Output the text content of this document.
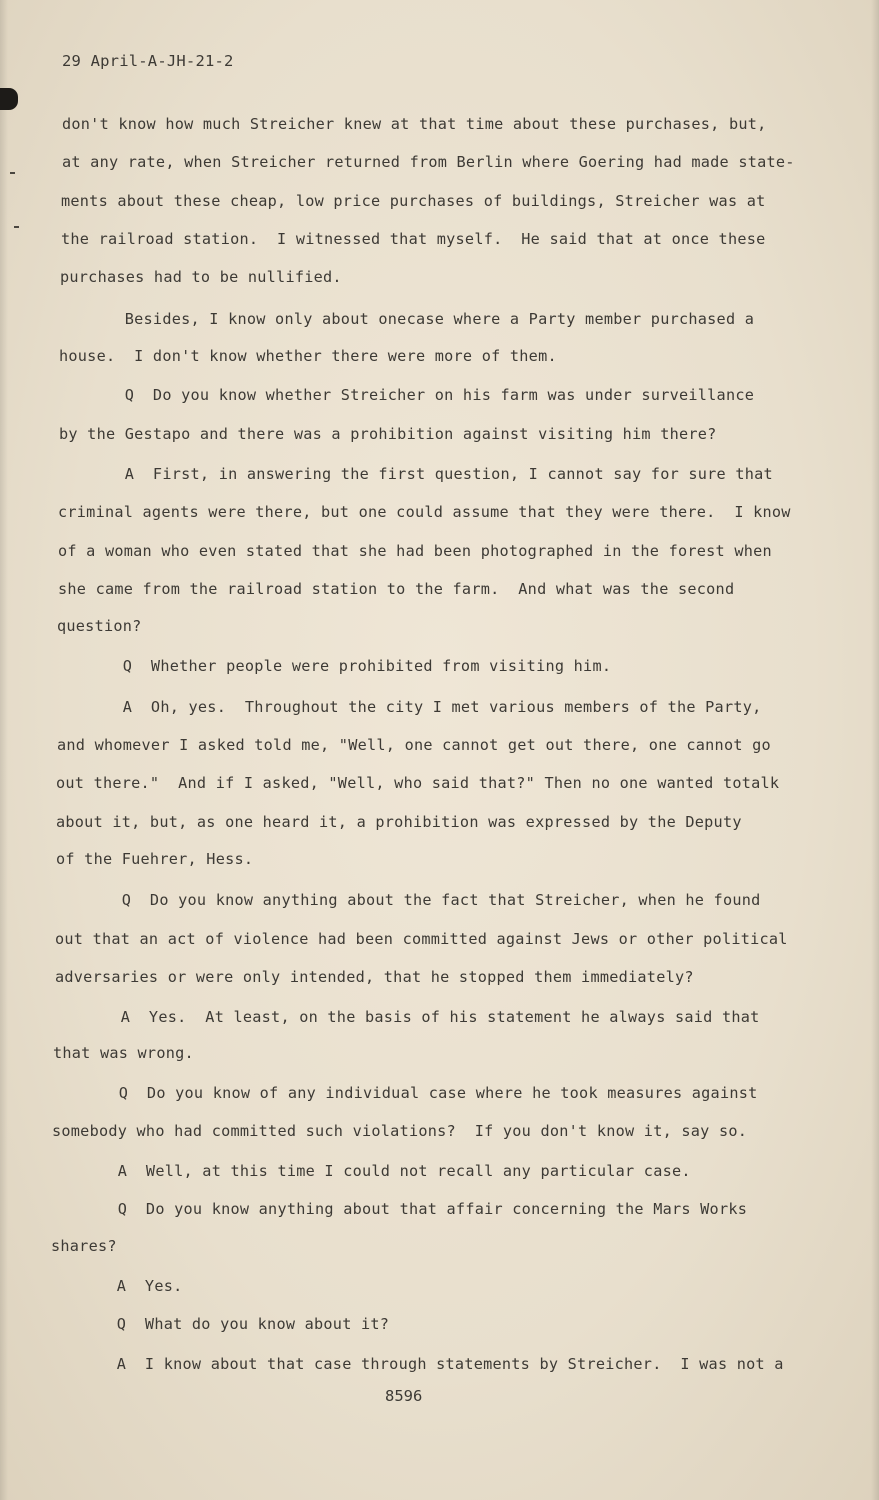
29 April-A-JH-21-2
don't know how much Streicher knew at that time about these purchases, but,
at any rate, when Streicher returned from Berlin where Goering had made state-
ments about these cheap, low price purchases of buildings, Streicher was at
the railroad station.  I witnessed that myself.  He said that at once these
purchases had to be nullified.
Besides, I know only about onecase where a Party member purchased a
house.  I don't know whether there were more of them.
Q  Do you know whether Streicher on his farm was under surveillance
by the Gestapo and there was a prohibition against visiting him there?
A  First, in answering the first question, I cannot say for sure that
criminal agents were there, but one could assume that they were there.  I know
of a woman who even stated that she had been photographed in the forest when
she came from the railroad station to the farm.  And what was the second
question?
Q  Whether people were prohibited from visiting him.
A  Oh, yes.  Throughout the city I met various members of the Party,
and whomever I asked told me, "Well, one cannot get out there, one cannot go
out there."  And if I asked, "Well, who said that?" Then no one wanted totalk
about it, but, as one heard it, a prohibition was expressed by the Deputy
of the Fuehrer, Hess.
Q  Do you know anything about the fact that Streicher, when he found
out that an act of violence had been committed against Jews or other political
adversaries or were only intended, that he stopped them immediately?
A  Yes.  At least, on the basis of his statement he always said that
that was wrong.
Q  Do you know of any individual case where he took measures against
somebody who had committed such violations?  If you don't know it, say so.
A  Well, at this time I could not recall any particular case.
Q  Do you know anything about that affair concerning the Mars Works
shares?
A  Yes.
Q  What do you know about it?
A  I know about that case through statements by Streicher.  I was not a
8596
